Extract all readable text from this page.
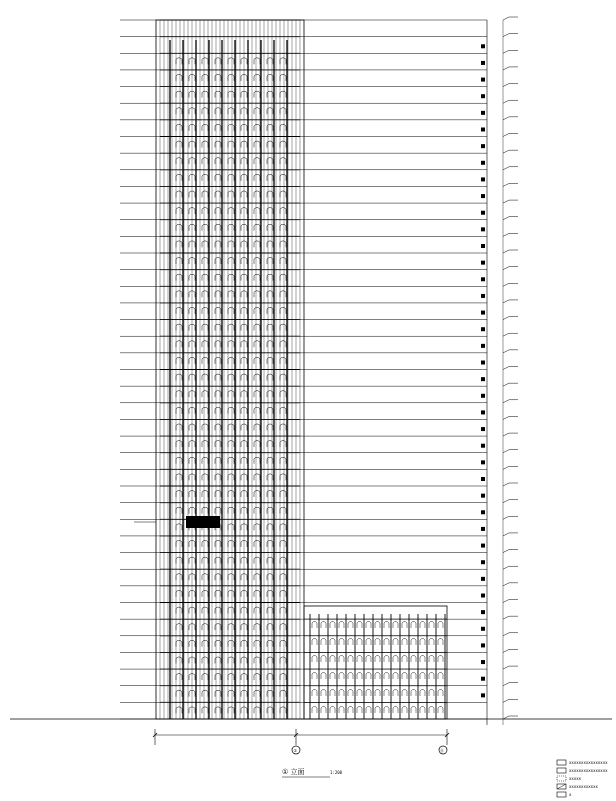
①	⑪
① 立面	1:200
xxxxxxxxxxxxxxxx
xxxxxxxxxxxxxxxx
xxxxx
xxxxxxxxxxxx
x
